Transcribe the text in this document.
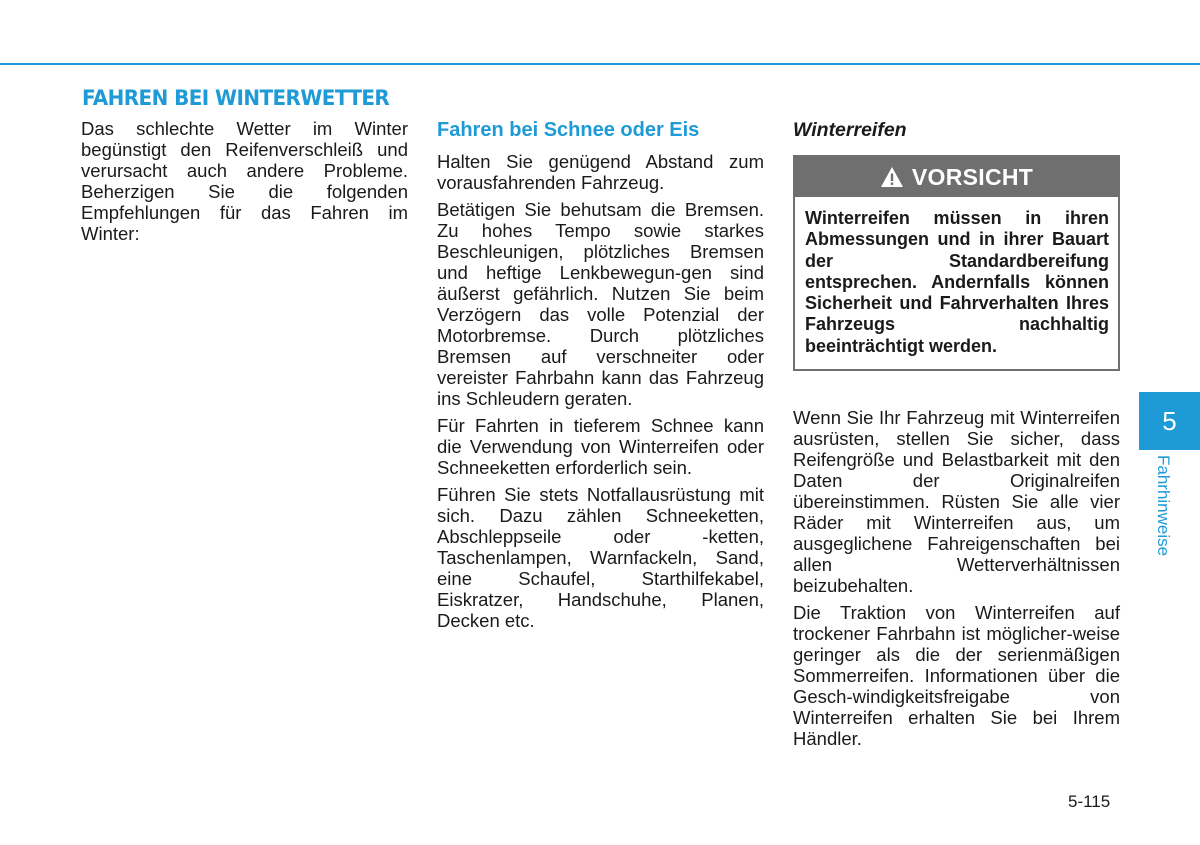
FAHREN BEI WINTERWETTER

Das schlechte Wetter im Winter begünstigt den Reifenverschleiß und verursacht auch andere Probleme. Beherzigen Sie die folgenden Empfehlungen für das Fahren im Winter:

Fahren bei Schnee oder Eis

Halten Sie genügend Abstand zum vorausfahrenden Fahrzeug.

Betätigen Sie behutsam die Bremsen. Zu hohes Tempo sowie starkes Beschleunigen, plötzliches Bremsen und heftige Lenkbewegun-gen sind äußerst gefährlich. Nutzen Sie beim Verzögern das volle Potenzial der Motorbremse. Durch plötzliches Bremsen auf verschneiter oder vereister Fahrbahn kann das Fahrzeug ins Schleudern geraten.

Für Fahrten in tieferem Schnee kann die Verwendung von Winterreifen oder Schneeketten erforderlich sein.

Führen Sie stets Notfallausrüstung mit sich. Dazu zählen Schneeketten, Abschleppseile oder -ketten, Taschenlampen, Warnfackeln, Sand, eine Schaufel, Starthilfekabel, Eiskratzer, Handschuhe, Planen, Decken etc.

Winterreifen
VORSICHT
Winterreifen müssen in ihren Abmessungen und in ihrer Bauart der Standardbereifung entsprechen. Andernfalls können Sicherheit und Fahrverhalten Ihres Fahrzeugs nachhaltig beeinträchtigt werden.

Wenn Sie Ihr Fahrzeug mit Winterreifen ausrüsten, stellen Sie sicher, dass Reifengröße und Belastbarkeit mit den Daten der Originalreifen übereinstimmen. Rüsten Sie alle vier Räder mit Winterreifen aus, um ausgeglichene Fahreigenschaften bei allen Wetterverhältnissen beizubehalten.

Die Traktion von Winterreifen auf trockener Fahrbahn ist möglicher-weise geringer als die der serienmäßigen Sommerreifen. Informationen über die Gesch-windigkeitsfreigabe von Winterreifen erhalten Sie bei Ihrem Händler.

5
Fahrhinweise
5-115
